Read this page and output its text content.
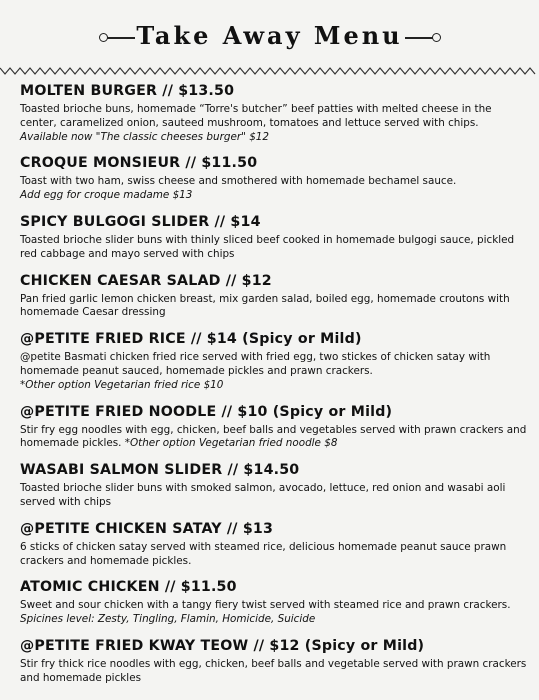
Take Away Menu
MOLTEN BURGER // $13.50

Toasted brioche buns, homemade “Torre's butcher” beef patties with melted cheese in the center, caramelized onion, sauteed mushroom, tomatoes and lettuce served with chips.
Available now "The classic cheeses burger" $12

CROQUE MONSIEUR // $11.50

Toast with two ham, swiss cheese and smothered with homemade bechamel sauce.
Add egg for croque madame $13

SPICY BULGOGI SLIDER // $14

Toasted brioche slider buns with thinly sliced beef cooked in homemade bulgogi sauce, pickled red cabbage and mayo served with chips

CHICKEN CAESAR SALAD // $12

Pan fried garlic lemon chicken breast, mix garden salad, boiled egg, homemade croutons with homemade Caesar dressing

@PETITE FRIED RICE // $14 (Spicy or Mild)

@petite Basmati chicken fried rice served with fried egg, two stickes of chicken satay with homemade peanut sauced, homemade pickles and prawn crackers.
*Other option Vegetarian fried rice $10

@PETITE FRIED NOODLE // $10 (Spicy or Mild)

Stir fry egg noodles with egg, chicken, beef balls and vegetables served with prawn crackers and homemade pickles. *Other option Vegetarian fried noodle $8

WASABI SALMON SLIDER // $14.50

Toasted brioche slider buns with smoked salmon, avocado, lettuce, red onion and wasabi aoli served with chips

@PETITE CHICKEN SATAY // $13

6 sticks of chicken satay served with steamed rice, delicious homemade peanut sauce prawn crackers and homemade pickles.

ATOMIC CHICKEN // $11.50

Sweet and sour chicken with a tangy fiery twist served with steamed rice and prawn crackers. Spicines level: Zesty, Tingling, Flamin, Homicide, Suicide

@PETITE FRIED KWAY TEOW // $12 (Spicy or Mild)

Stir fry thick rice noodles with egg, chicken, beef balls and vegetable served with prawn crackers and homemade pickles
